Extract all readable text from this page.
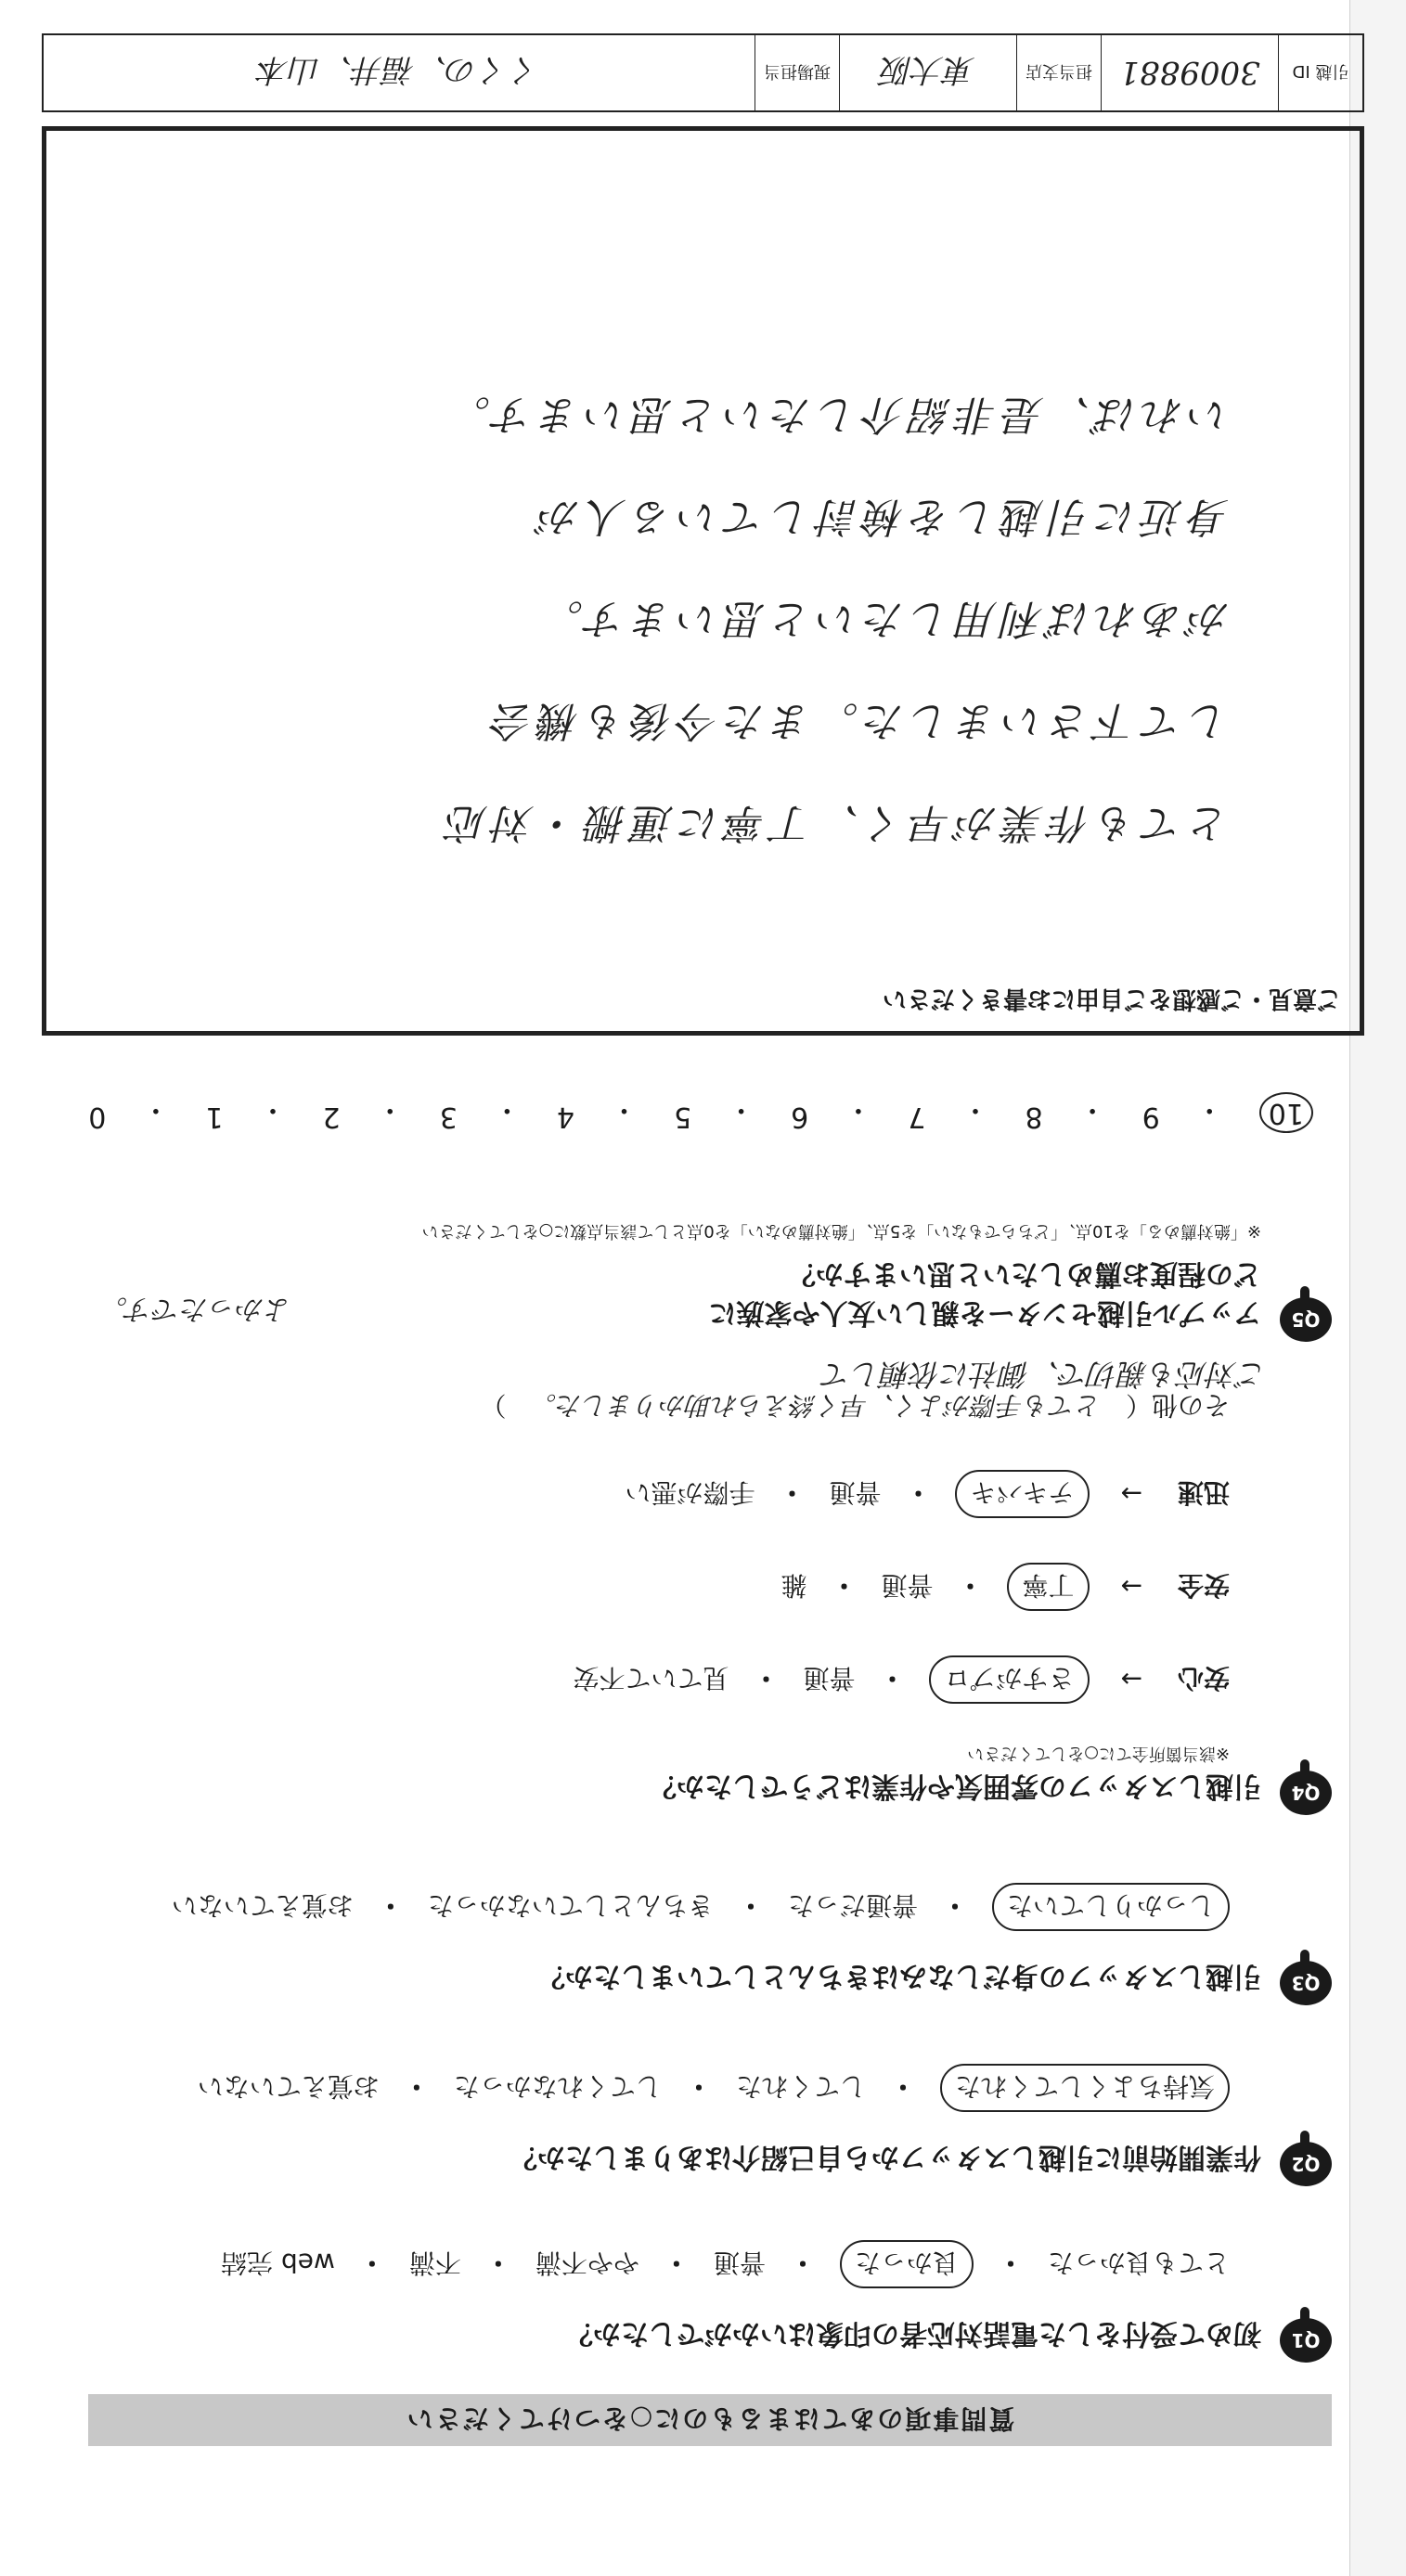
質問事項のあてはまるものに○をつけてください
Q1
初めて受付をした電話対応者の印象はいかがでしたか？
とても良かった
・
良かった
・
普通
・
やや不満
・
不満
・
web 完結
Q2
作業開始前に引越しスタッフから自己紹介はありましたか？
気持ちよくしてくれた
・
してくれた
・
してくれなかった
・
お覚えていない
Q3
引越しスタッフの身だしなみはきちんとしていましたか？
しっかりしていた
・
普通だった
・
きちんとしていなかった
・
お覚えていない
Q4
引越しスタッフの雰囲気や作業はどうでしたか？
※該当箇所全てに○をしてください
安心
→
さすがプロ
・
普通
・
見ていて不安
安全
→
丁寧
・
普通
・
雑
迅速
→
テキパキ
・
普通
・
手際が悪い
その他（
とても手際がよく、早く終えられ助かりました。
）
ご対応も親切で、御社に依頼して
Q5
アップル引越センターを親しい友人や家族に
よかったです。
どの程度お薦めしたいと思いますか？
※「絶対薦める」を10点、「どちらでもない」を5点、「絶対薦めない」を0点として該当点数に○をしてください
10
・
9
・
8
・
7
・
6
・
5
・
4
・
3
・
2
・
1
・
0
ご意見・ご感想をご自由にお書きください
とても作業が早く、丁寧に運搬・対応
して下さいました。また今後も機会
があれば利用したいと思います。
身近に引越しを検討している人が
いれば、是非紹介したいと思います。
引越 ID
3009881
担当支店
東大阪
現場担当
くくの、福井、山本
